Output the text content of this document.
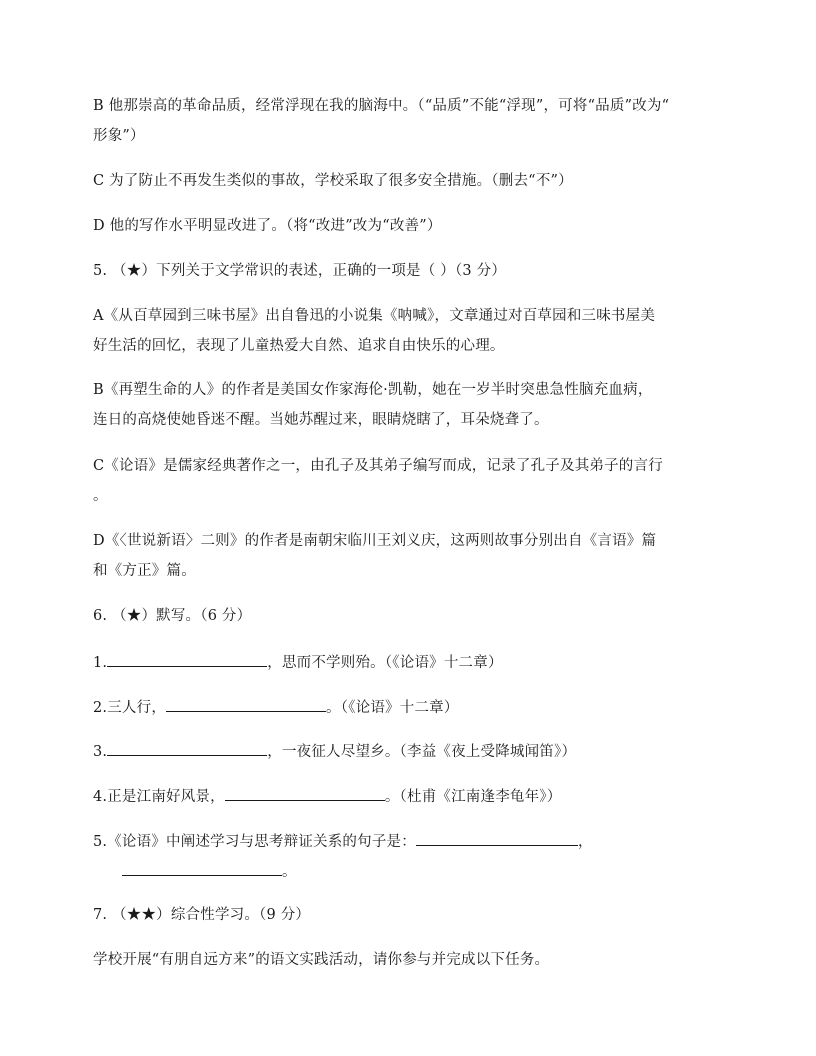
B 他那崇高的革命品质，经常浮现在我的脑海中。（“品质”不能“浮现”，可将“品质”改为“
形象”）
C 为了防止不再发生类似的事故，学校采取了很多安全措施。（删去“不”）
D 他的写作水平明显改进了。（将“改进”改为“改善”）
5. （★）下列关于文学常识的表述，正确的一项是（ ）（3 分）
A《从百草园到三味书屋》出自鲁迅的小说集《呐喊》，文章通过对百草园和三味书屋美
好生活的回忆，表现了儿童热爱大自然、追求自由快乐的心理。
B《再塑生命的人》的作者是美国女作家海伦·凯勒，她在一岁半时突患急性脑充血病，
连日的高烧使她昏迷不醒。当她苏醒过来，眼睛烧瞎了，耳朵烧聋了。
C《论语》是儒家经典著作之一，由孔子及其弟子编写而成，记录了孔子及其弟子的言行
。
D《〈世说新语〉二则》的作者是南朝宋临川王刘义庆，这两则故事分别出自《言语》篇
和《方正》篇。
6. （★）默写。（6 分）
1.	，思而不学则殆。（《论语》十二章）
2.三人行，	。（《论语》十二章）
3.	，一夜征人尽望乡。（李益《夜上受降城闻笛》）
4.正是江南好风景，	。（杜甫《江南逢李龟年》）
5.《论语》中阐述学习与思考辩证关系的句子是：	，
。
7. （★★）综合性学习。（9 分）
学校开展“有朋自远方来”的语文实践活动，请你参与并完成以下任务。
